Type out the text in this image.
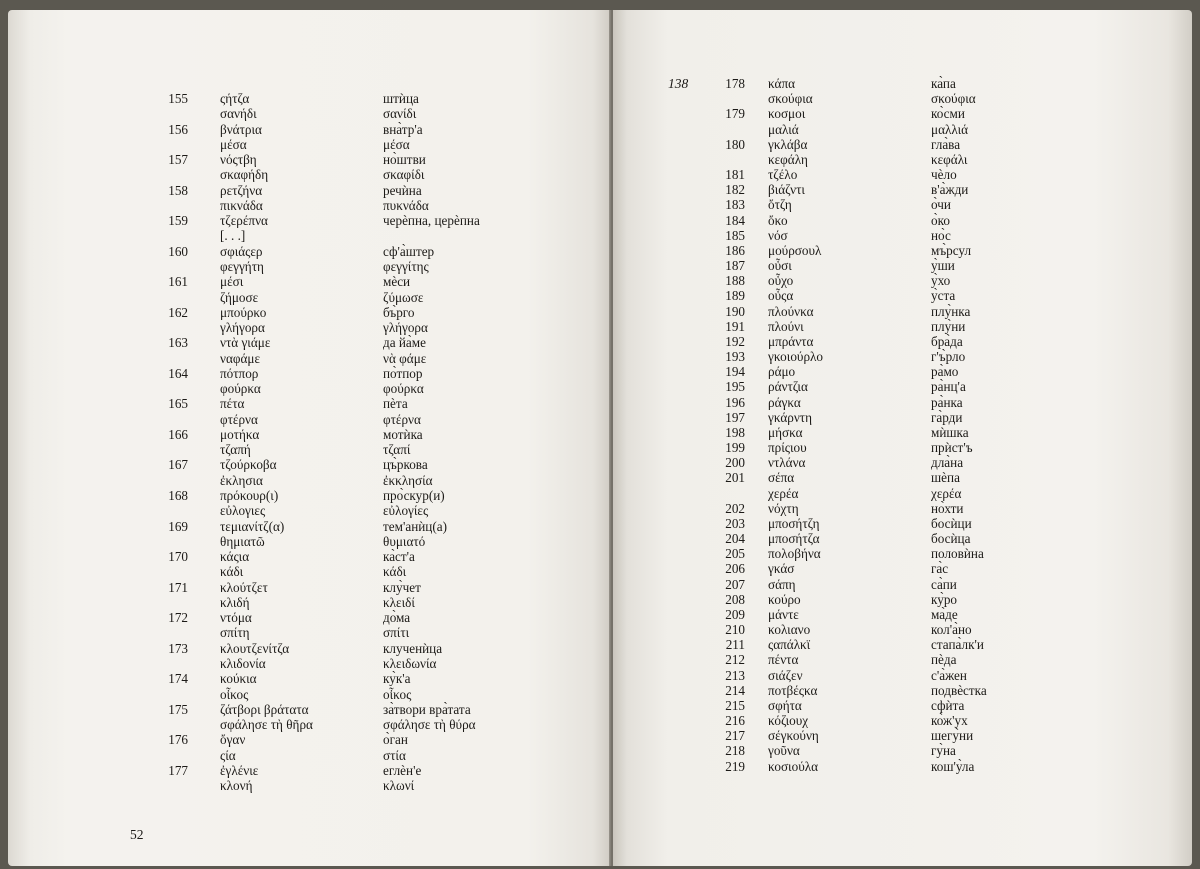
155 ςήτζα	штѝца
σανήδι	σανίδι
156 βνάτρια	вна̀тр'а
μέσα	μέσα
157 νόςτβη	но̀штви
σκαφήδη	σκαφίδι
158 ρετζήνα	речѝна
πικνάδα	πυκνάδα
159 τζερέπνα	черѐпна, церѐпна
[. . .]
160 σφιάςερ	сф'а̀штер
φεγγήτη	φεγγίτης
161 μέσι	мѐси
ζήμοσε	ζύμωσε
162 μπούρκο	бъ̀рго
γλήγορα	γλήγορα
163 ντὰ γιάμε	да йа̀ме
ναφάμε	νὰ φάμε
164 πότπορ	по̀тпор
φούρκα	φούρκα
165 πέτα	пѐта
φτέρνα	φτέρνα
166 μοτήκα	мотѝка
τζαπή	τζαπί
167 τζούρκοβα	цъ̀ркова
ἐκλησια	ἐκκλησία
168 πρόκουρ(ι)	про̀скур(и)
εὐλογιες	εὐλογίες
169 τεμιανίτζ(α)	тем'анѝц(а)
θημιατῶ	θυμιατό
170 κάςια	ка̀ст'а
κάδι	κάδι
171 κλούτζετ	клу̀чет
κλιδή	κλειδί
172 ντόμα	до̀ма
σπίτη	σπίτι
173 κλουτζενίτζα	клученѝца
κλιδονία	κλειδωνία
174 κούκια	ку̀к'а
οἶκος	οἶκος
175 ζάτβορι βράτατα	за̀твори вра̀тата
σφάλησε τὴ θῆρα	σφάλησε τὴ θύρα
176 ὄγαν	о̀ган
ςία	στία
177 ἐγλένιε	еглѐн'е
κλονή	κλωνί
52
138	178 κάπα	ка̀па
σκούφια	σκούφια
179 κοσμοι	ко̀сми
μαλιά	μαλλιά
180 γκλάβα	гла̀ва
κεφάλη	κεφάλι
181 τζέλο	чѐло
182 βιάζντι	в'а̀жди
183 ὄτζη	о̀чи
184 ὄκο	о̀ко
185 νόσ	но̀с
186 μούρσουλ	мъ̀рсул
187 οὖσι	у̀ши
188 οὖχο	у̀хо
189 οὖςα	у̀ста
190 πλούνκα	плу̀нка
191 πλούνι	плу̀ни
192 μπράντα	бра̀да
193 γκοιούρλο	г'ъ̀рло
194 ράμο	ра̀мо
195 ράντζια	ра̀нц'а
196 ράγκα	ра̀нка
197 γκάρντη	га̀рди
198 μήσκα	мѝшка
199 πρίςιου	прѝст'ъ
200 ντλάνα	дла̀на
201 σέπα	шѐпа
χερέα	χερέα
202 νόχτη	но̀хти
203 μποσήτζη	босѝци
204 μποσήτζα	босѝца
205 πολοβήνα	половѝна
206 γκάσ	га̀с
207 σάπη	са̀пи
208 κούρο	ку̀ро
209 μάντε	ма̀де
210 κολιανο	кол'а̀но
211 ςαπάλκϊ	стапа̀лк'и
212 πέντα	пѐда
213 σιάζεν	с'а̀жен
214 ποτβέςκα	подвѐстка
215 σφήτα	сфѝта
216 κόζιουχ	ко̀ж'ух
217 σέγκούνη	шегу̀ни
218 γοῦνα	гу̀на
219 κοσιούλα	кош'у̀ла
